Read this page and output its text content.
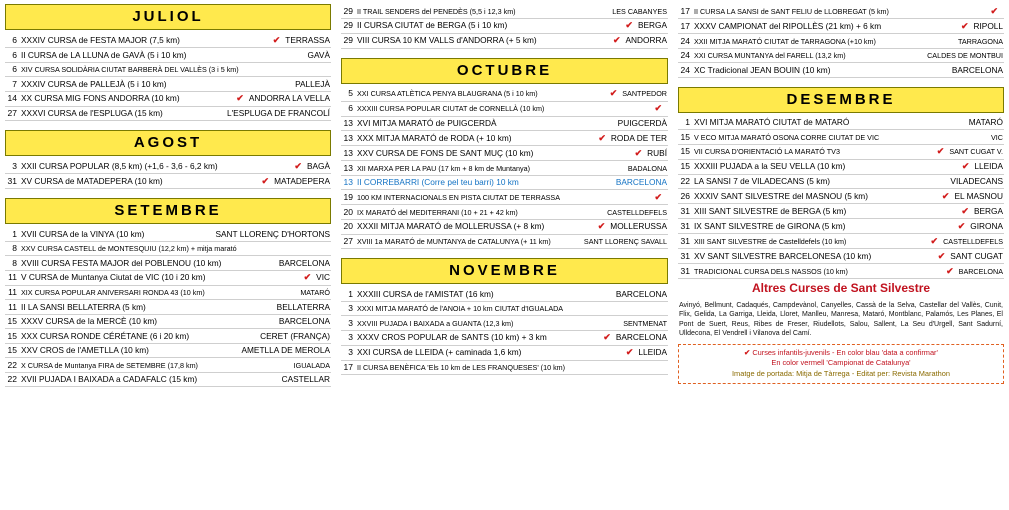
JULIOL
6 XXXIV CURSA de FESTA MAJOR (7,5 km)	✔ TERRASSA
6 II CURSA de LA LLUNA de GAVÀ (5 i 10 km)	GAVÀ
6 XIV CURSA SOLIDÀRIA CIUTAT BARBERÀ DEL VALLÈS (3 i 5 km)
7 XXXIV CURSA de PALLEJÀ (5 i 10 km)	PALLEJÀ
14 XX CURSA MIG FONS ANDORRA (10 km)	✔ ANDORRA LA VELLA
27 XXXVI CURSA de l'ESPLUGA (15 km)	L'ESPLUGA DE FRANCOLÍ
AGOST
3 XXII CURSA POPULAR (8,5 km) (+1,6 - 3,6 - 6,2 km)	✔ BAGÀ
31 XV CURSA de MATADEPERA (10 km)	✔ MATADEPERA
SETEMBRE
1 XVII CURSA de la VINYA (10 km)	SANT LLORENÇ D'HORTONS
8 XXV CURSA CASTELL de MONTESQUIU (12,2 km) + mitja marató
8 XVIII CURSA FESTA MAJOR del POBLENOU (10 km)	BARCELONA
11 V CURSA de Muntanya Ciutat de VIC (10 i 20 km)	✔ VIC
11 XIX CURSA POPULAR ANIVERSARI RONDA 43 (10 km)	MATARÓ
11 II LA SANSI BELLATERRA (5 km)	BELLATERRA
15 XXXV CURSA de la MERCÈ (10 km)	BARCELONA
15 XXX CURSA RONDE CÉRÉTANE (6 i 20 km)	CERET (FRANÇA)
15 XXV CROS de l'AMETLLA (10 km)	AMETLLA DE MEROLA
22 X CURSA de Muntanya FIRA de SETEMBRE (17,8 km)	IGUALADA
22 XVII PUJADA I BAIXADA a CADAFALC (15 km)	CASTELLAR
29 II TRAIL SENDERS del PENEDÈS (5,5 i 12,3 km)	LES CABANYES
29 II CURSA CIUTAT de BERGA (5 i 10 km)	✔ BERGA
29 VIII CURSA 10 KM VALLS d'ANDORRA (+ 5 km)	✔ ANDORRA
OCTUBRE
5 XXI CURSA ATLÈTICA PENYA BLAUGRANA (5 i 10 km)	✔ SANTPEDOR
6 XXXIII CURSA POPULAR CIUTAT de CORNELLÀ (10 km)	✔
13 XVI MITJA MARATÓ de PUIGCERDÀ	PUIGCERDÀ
13 XXX MITJA MARATÓ de RODA (+ 10 km)	✔ RODA DE TER
13 XXV CURSA DE FONS DE SANT MUÇ (10 km)	✔ RUBÍ
13 XII MARXA PER LA PAU (17 km + 8 km de Muntanya)	BADALONA
13 II CORREBARRI (Corre pel teu barri) 10 km	BARCELONA
19 100 KM INTERNACIONALS EN PISTA CIUTAT DE TERRASSA	✔
20 IX MARATÓ del MEDITERRANI (10 + 21 + 42 km)	CASTELLDEFELS
20 XXXII MITJA MARATÓ de MOLLERUSSA (+ 8 km)	✔ MOLLERUSSA
27 XVIII 1a MARATÓ de MUNTANYA de CATALUNYA (+ 11 km)	SANT LLORENÇ SAVALL
NOVEMBRE
1 XXXIII CURSA de l'AMISTAT (16 km)	BARCELONA
3 XXXI MITJA MARATÓ de l'ANOIA + 10 km CIUTAT d'IGUALADA
3 XXVIII PUJADA I BAIXADA a GUANTA (12,3 km)	SENTMENAT
3 XXXV CROS POPULAR de SANTS (10 km) + 3 km	✔ BARCELONA
3 XXI CURSA de LLEIDA (+ caminada 1,6 km)	✔ LLEIDA
17 II CURSA BENÈFICA 'Els 10 km de LES FRANQUESES' (10 km)
17 II CURSA LA SANSI de SANT FELIU de LLOBREGAT (5 km)	✔
17 XXXV CAMPIONAT del RIPOLLÈS (21 km) + 6 km	✔ RIPOLL
24 XXII MITJA MARATÓ CIUTAT de TARRAGONA (+10 km)	TARRAGONA
24 XXI CURSA MUNTANYA del FARELL (13,2 km)	CALDES DE MONTBUI
24 XC Tradicional JEAN BOUIN (10 km)	BARCELONA
DESEMBRE
1 XVI MITJA MARATÓ CIUTAT de MATARÓ	MATARÓ
15 V ECO MITJA MARATÓ OSONA CORRE CIUTAT DE VIC	VIC
15 VII CURSA D'ORIENTACIÓ LA MARATÓ TV3	✔ SANT CUGAT V.
15 XXXIII PUJADA a la SEU VELLA (10 km)	✔ LLEIDA
22 LA SANSI 7 de VILADECANS (5 km)	VILADECANS
26 XXXIV SANT SILVESTRE del MASNOU (5 km)	✔ EL MASNOU
31 XIII SANT SILVESTRE de BERGA (5 km)	✔ BERGA
31 IX SANT SILVESTRE de GIRONA (5 km)	✔ GIRONA
31 XIII SANT SILVESTRE de Castelldefels (10 km)	✔ CASTELLDEFELS
31 XV SANT SILVESTRE BARCELONESA (10 km)	✔ SANT CUGAT
31 TRADICIONAL CURSA DELS NASSOS (10 km)	✔ BARCELONA
Altres Curses de Sant Silvestre
Avinyó, Bellmunt, Cadaqués, Campdevànol, Canyelles, Cassà de la Selva, Castellar del Vallès, Cunit, Flix, Gelida, La Garriga, Lleida, Lloret, Manlleu, Manresa, Mataró, Montblanc, Palamós, Les Planes, El Pont de Suert, Reus, Ribes de Freser, Riudellots, Salou, Sallent, La Seu d'Urgell, Sant Sadurní, Ulldecona, El Vendrell i Vilanova del Camí.
✔ Curses infantils-juvenils - En color blau 'data a confirmar'
En color vermell 'Campionat de Catalunya'
Imatge de portada: Mitja de Tàrrega - Editat per: Revista Marathon
